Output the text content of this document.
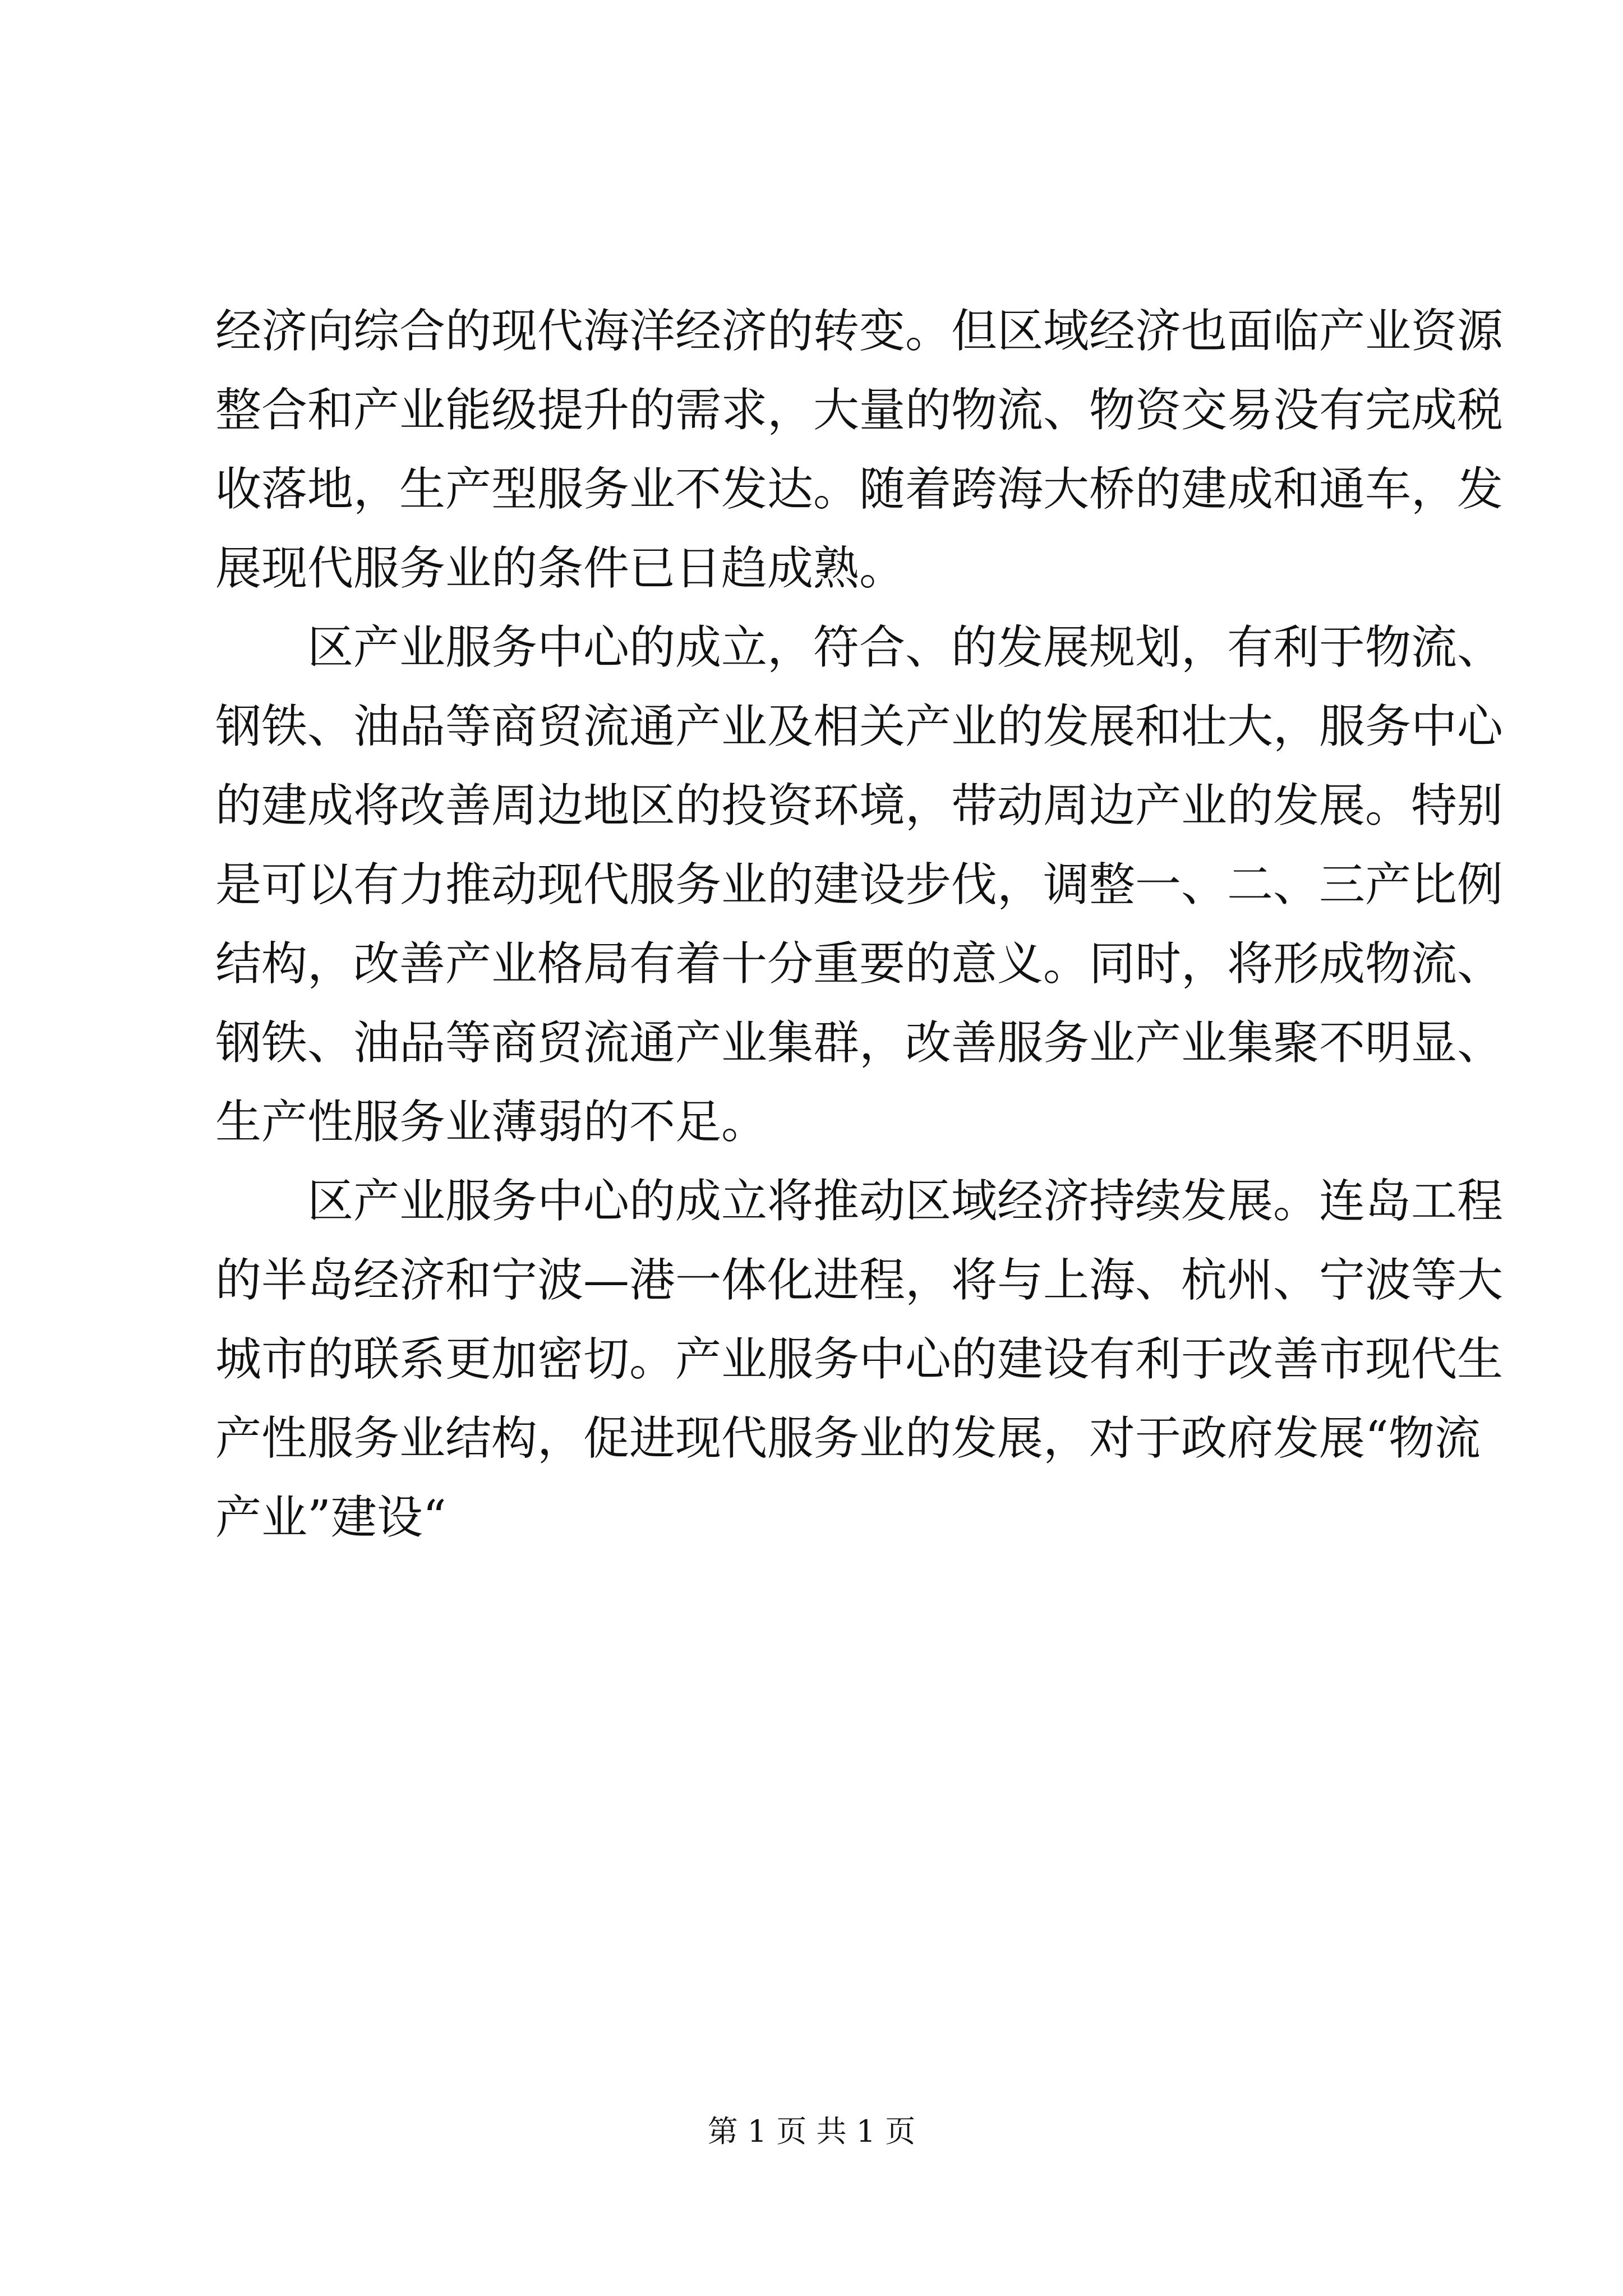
经济向综合的现代海洋经济的转变。但区域经济也面临产业资源
整合和产业能级提升的需求，大量的物流、物资交易没有完成税
收落地，生产型服务业不发达。随着跨海大桥的建成和通车，发
展现代服务业的条件已日趋成熟。
区产业服务中心的成立，符合、的发展规划，有利于物流、
钢铁、油品等商贸流通产业及相关产业的发展和壮大，服务中心
的建成将改善周边地区的投资环境，带动周边产业的发展。特别
是可以有力推动现代服务业的建设步伐，调整一、二、三产比例
结构，改善产业格局有着十分重要的意义。同时，将形成物流、
钢铁、油品等商贸流通产业集群，改善服务业产业集聚不明显、
生产性服务业薄弱的不足。
区产业服务中心的成立将推动区域经济持续发展。连岛工程
的半岛经济和宁波—港一体化进程，将与上海、杭州、宁波等大
城市的联系更加密切。产业服务中心的建设有利于改善市现代生
产性服务业结构，促进现代服务业的发展，对于政府发展“物流
产业”建设“
第 1 页 共 1 页
